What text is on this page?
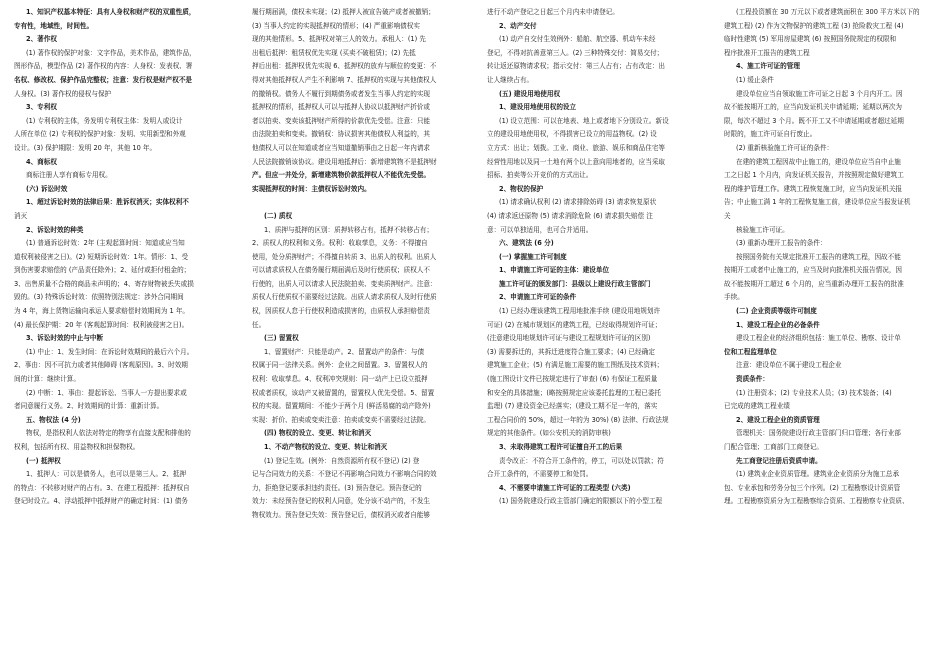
1、知识产权基本特征：具有人身权和财产权的双重性质，
专有性，地域性，时间性。
2、著作权
(1) 著作权的保护对象：文字作品，美术作品，建筑作品，
图形作品，模型作品 (2) 著作权的内容：人身权：发表权、署
名权、修改权、保护作品完整权；注意：发行权是财产权不是
人身权。(3) 著作权的侵权与保护
3、专利权
(1) 专利权的主体，务发明专利权主体：发明人或设计
人所在单位 (2) 专利权的保护对象：发明、实用新型和外观
设计。(3) 保护期限：发明 20 年，其他 10 年。
4、商标权
商标注册人享有商标专用权。
(六) 诉讼时效
1、超过诉讼时效的法律后果：胜诉权消灭；实体权利不
消灭
2、诉讼时效的种类
(1) 普通诉讼时效：2年 (主观起算时间：知道或应当知
道权利被侵害之日)。(2) 短期诉讼时效：1年。情形：1、受
到伤害要求赔偿的 (产品责任除外)；2、延付或拒付租金的；
3、出售质量不合格的商品未声明的；4、寄存财物被丢失或损
毁的。(3) 特殊诉讼时效：依照特别法规定：涉外合同期间
为 4 年，海上货物运输向承运人要求赔偿时效期间为 1 年。
(4) 最长保护期：20 年 (客观起算时间：权利被侵害之日)。
3、诉讼时效的中止与中断
(1) 中止：1、发生时间：在诉讼时效期间的最后六个月。
2、事由：因不可抗力或者其他障碍 (客观原因)。3、时效期
间的计算：继续计算。
(2) 中断：1、事由：提起诉讼、当事人一方提出要求或
者同意履行义务。2、时效期间的计算：重新计算。
五、物权法 (4 分)
物权，是指权利人依法对特定的物享有直接支配和排他的
权利，包括所有权、用益物权和担保物权。
(一) 抵押权
1、抵押人：可以是债务人，也可以是第三人。2、抵押
的特点：不转移对财产的占有。3、在建工程抵押：抵押权自
登记时设立。4、浮动抵押中抵押财产的确定时间：(1) 债务
履行期届满，债权未实现；(2) 抵押人被宣告破产或者被撤销；
(3) 当事人约定的实现抵押权的情形；(4) 严重影响债权实
现的其他情形。5、抵押权对第三人的效力。承租人：(1) 先
出租后抵押：租赁权优先实现 (买卖不破租赁)；(2) 先抵
押后出租：抵押权优先实现 6、抵押权的放弃与顺位的变更：不
得对其他抵押权人产生不利影响 7、抵押权的实现与其他债权人
的撤销权。债务人不履行到期债务或者发生当事人约定的实现
抵押权的情形，抵押权人可以与抵押人协议以抵押财产折价或
者以拍卖、变卖该抵押财产所得的价款优先受偿。注意：只能
由法院拍卖和变卖。撤销权：协议损害其他债权人利益的，其
他债权人可以在知道或者应当知道撤销事由之日起一年内请求
人民法院撤销该协议。建设用地抵押后：新增建筑物不是抵押财
产。但应一并处分，新增建筑物价款抵押权人不能优先受偿。
实现抵押权的时间：主债权诉讼时效内。
(二) 质权
1、质押与抵押的区别：质押转移占有，抵押不转移占有；
2、质权人的权利和义务。权利：收取孳息，义务：不得擅自
使用，处分质押财产；不得擅自转质 3、出质人的权利。出质人
可以请求质权人在债务履行期届满后及时行使质权；质权人不
行使的，出质人可以请求人民法院拍卖、变卖质押财产。注意：
质权人行使质权不需要经过法院。出质人请求质权人及时行使质
权，因质权人怠于行使权利造成损害的，由质权人承担赔偿责
任。
(三) 留置权
1、留置财产：只能是动产。2、留置动产的条件：与债
权属于同一法律关系。例外：企业之间留置。3、留置权人的
权利：收取孳息。4、权利冲突规则：同一动产上已设立抵押
权或者质权，该动产又被留置的，留置权人优先受偿。5、留置
权的实现。留置期间：不能少于两个月 (鲜活易腐的动产除外)
实现：折价、拍卖或变卖注意：拍卖或变卖不需要经过法院。
(四) 物权的设立、变更、转让和消灭
1、不动产物权的设立、变更、转让和消灭
(1) 登记生效。(例外：自然资源所有权不登记) (2) 登
记与合同效力的关系：不登记不再影响合同效力不影响合同的效
力，拒绝登记要承担违约责任。(3) 预告登记。预告登记的
效力：未经预告登记的权利人同意，处分该不动产的，不发生
物权效力。预告登记失效：预告登记后，债权消灭或者自能够
进行不动产登记之日起三个月内未申请登记。
2、动产交付
(1) 动产自交付生效例外：船舶、航空器、机动车未经
登记，不得对抗善意第三人。(2) 三种特殊交付：简易交付；
转让返还原物请求权；指示交付：第三人占有；占有改定：出
让人继续占有。
(五) 建设用地使用权
1、建设用地使用权的设立
(1) 设立范围：可以在地表、地上或者地下分别设立。新设
立的建设用地使用权，不得损害已设立的用益物权。(2) 设
立方式：出让；划拨。工业、商业、旅游、娱乐和商品住宅等
经营性用地以及同一土地有两个以上意向用地者的，应当采取
招标、拍卖等公开竞价的方式出让。
2、物权的保护
(1) 请求确认权利 (2) 请求排除妨碍 (3) 请求恢复原状
(4) 请求返还原物 (5) 请求消除危险 (6) 请求损失赔偿 注
意：可以单独适用，也可合并适用。
六、建筑法 (6 分)
(一) 掌握施工许可制度
1、申请施工许可证的主体：建设单位
施工许可证的颁发部门：县级以上建设行政主管部门
2、申请施工许可证的条件
(1) 已经办理该建筑工程用地批准手续 (建设用地规划许
可证) (2) 在城市规划区的建筑工程，已经取得规划许可证；
(注意建设用地规划许可证与建设工程规划许可证的区别)
(3) 需要拆迁的，其拆迁进度符合施工要求；(4) 已经确定
建筑施工企业；(5) 有满足施工需要的施工图纸及技术资料；
(施工图设计文件已按规定进行了审查) (6) 有保证工程质量
和安全的具体措施；(略按照规定应该委托监理的工程已委托
监理) (7) 建设资金已经落实；(建设工期不足一年的，落实
工程合同价的 50%，超过一年的为 30%) (8) 法律、行政法规
规定的其他条件。(如公安机关的消防审核)
3、未取得建筑工程许可证擅自开工的后果
责令改正：不符合开工条件的，停工，可以处以罚款；符
合开工条件的，不需要停工和处罚。
4、不需要申请施工许可证的工程类型 (六类)
(1) 国务院建设行政主管部门确定的限额以下的小型工程
(工程投资额在 30 万元以下或者建筑面积在 300 平方米以下的
建筑工程) (2) 作为文物保护的建筑工程 (3) 抢险救灾工程 (4)
临时性建筑 (5) 军用房屋建筑 (6) 按照国务院规定的权限和
程序批准开工报告的建筑工程
4、施工许可证的管理
(1) 缓止条件
建设单位应当自领取施工许可证之日起 3 个月内开工。因
故不能按期开工的，应当向发证机关申请延期；延期以两次为
限，每次不超过 3 个月。既不开工又不申请延期或者超过延期
时限的，施工许可证自行废止。
(2) 重新核验施工许可证的条件：
在建的建筑工程因故中止施工的，建设单位应当自中止施
工之日起 1 个月内，向发证机关报告，并按照规定做好建筑工
程的维护管理工作。建筑工程恢复施工时，应当向发证机关报
告；中止施工满 1 年的工程恢复施工前，建设单位应当报发证机
关
核验施工许可证。
(3) 重新办理开工报告的条件：
按照国务院有关规定批准开工报告的建筑工程，因故不能
按期开工或者中止施工的，应当及时向批准机关报告情况，因
故不能按期开工超过 6 个月的，应当重新办理开工报告的批准
手续。
(二) 企业资质等级许可制度
1、建设工程企业的必备条件
建设工程企业的经济组织包括：施工单位、勘察、设计单
位和工程监理单位
注意：建设单位不属于建设工程企业
资质条件：
(1) 注册资本；(2) 专业技术人员；(3) 技术装备；(4)
已完成的建筑工程业绩
2、建设工程企业的资质管理
管理机关：国务院建设行政主管部门归口管理；各行业部
门配合管理；工商部门工商登记。
先工商登记注册后资质申请。
(1) 建筑业企业资质管理。建筑业企业资质分为施工总承
包、专业承包和劳务分包三个序列。(2) 工程勘察设计资质管
理。工程勘察资质分为工程勘察综合资质、工程勘察专业资质、
